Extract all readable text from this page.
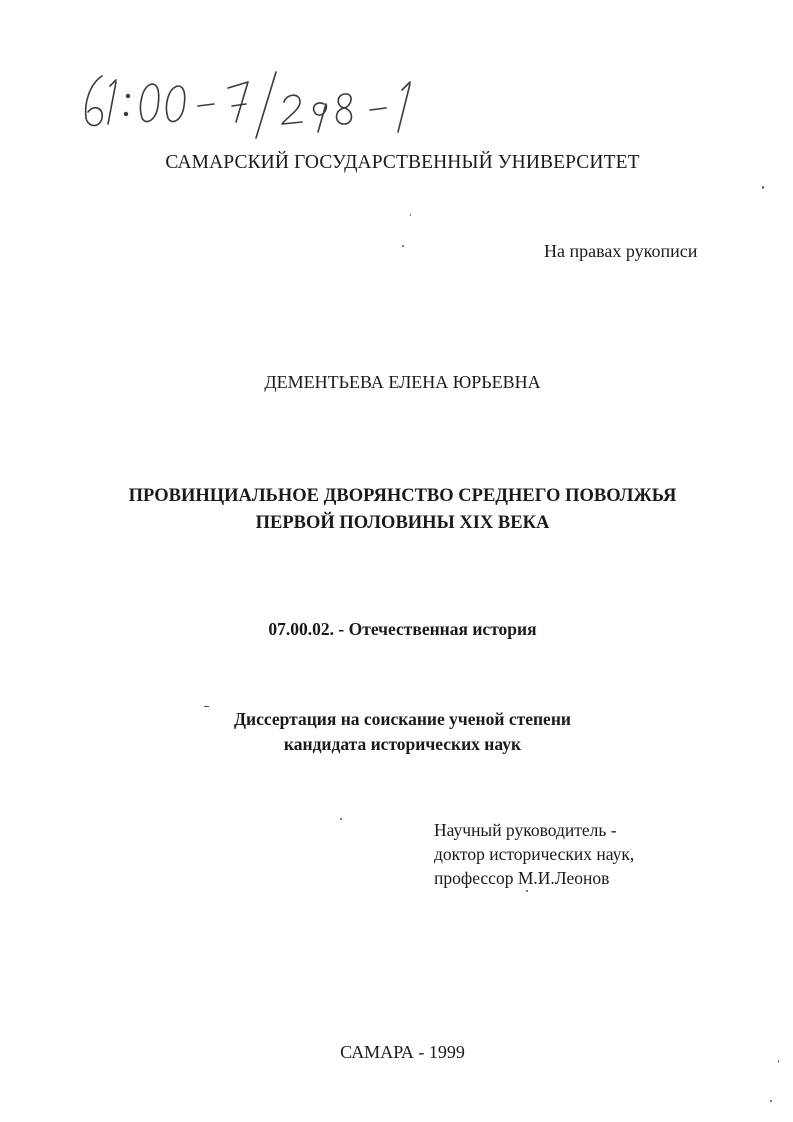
САМАРСКИЙ ГОСУДАРСТВЕННЫЙ УНИВЕРСИТЕТ
На правах рукописи
ДЕМЕНТЬЕВА ЕЛЕНА ЮРЬЕВНА
ПРОВИНЦИАЛЬНОЕ ДВОРЯНСТВО СРЕДНЕГО ПОВОЛЖЬЯ
ПЕРВОЙ ПОЛОВИНЫ XIX ВЕКА
07.00.02. - Отечественная история
Диссертация на соискание ученой степени
кандидата исторических наук
Научный руководитель -
доктор исторических наук,
профессор М.И.Леонов
САМАРА - 1999
